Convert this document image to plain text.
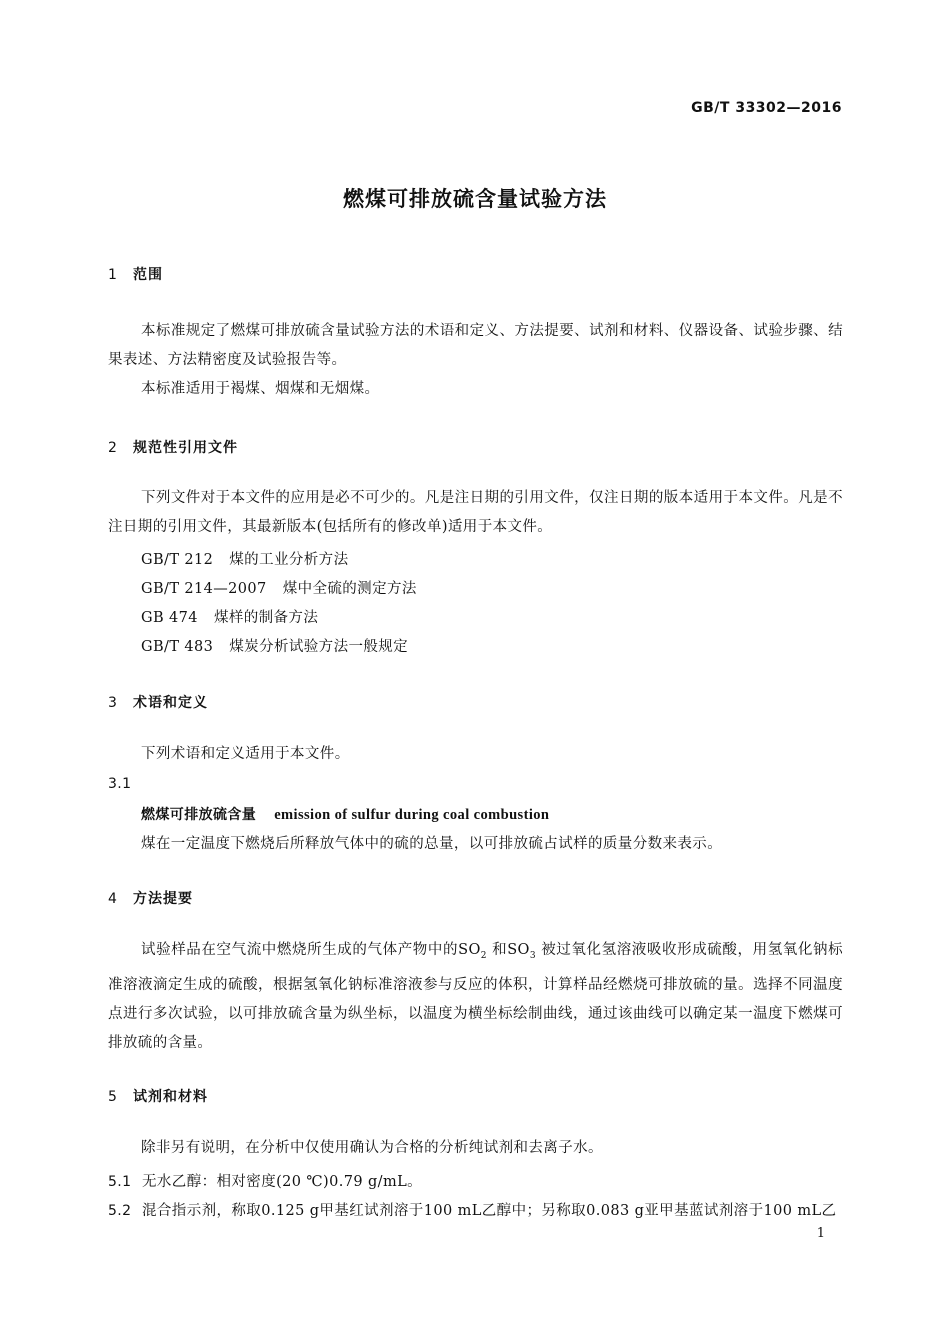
GB/T 33302—2016
燃煤可排放硫含量试验方法
1 范围
本标准规定了燃煤可排放硫含量试验方法的术语和定义、方法提要、试剂和材料、仪器设备、试验步骤、结果表述、方法精密度及试验报告等。
本标准适用于褐煤、烟煤和无烟煤。
2 规范性引用文件
下列文件对于本文件的应用是必不可少的。凡是注日期的引用文件，仅注日期的版本适用于本文件。凡是不注日期的引用文件，其最新版本(包括所有的修改单)适用于本文件。
GB/T 212 煤的工业分析方法
GB/T 214—2007 煤中全硫的测定方法
GB 474 煤样的制备方法
GB/T 483 煤炭分析试验方法一般规定
3 术语和定义
下列术语和定义适用于本文件。
3.1
燃煤可排放硫含量 emission of sulfur during coal combustion
煤在一定温度下燃烧后所释放气体中的硫的总量，以可排放硫占试样的质量分数来表示。
4 方法提要
试验样品在空气流中燃烧所生成的气体产物中的$SO_2$ 和$SO_3$ 被过氧化氢溶液吸收形成硫酸，用氢氧化钠标准溶液滴定生成的硫酸，根据氢氧化钠标准溶液参与反应的体积，计算样品经燃烧可排放硫的量。选择不同温度点进行多次试验，以可排放硫含量为纵坐标，以温度为横坐标绘制曲线，通过该曲线可以确定某一温度下燃煤可排放硫的含量。
5 试剂和材料
除非另有说明，在分析中仅使用确认为合格的分析纯试剂和去离子水。
5.1 无水乙醇：相对密度(20 ℃)0.79 g/mL。
5.2 混合指示剂，称取0.125 g甲基红试剂溶于100 mL乙醇中；另称取0.083 g亚甲基蓝试剂溶于100 mL乙
1
